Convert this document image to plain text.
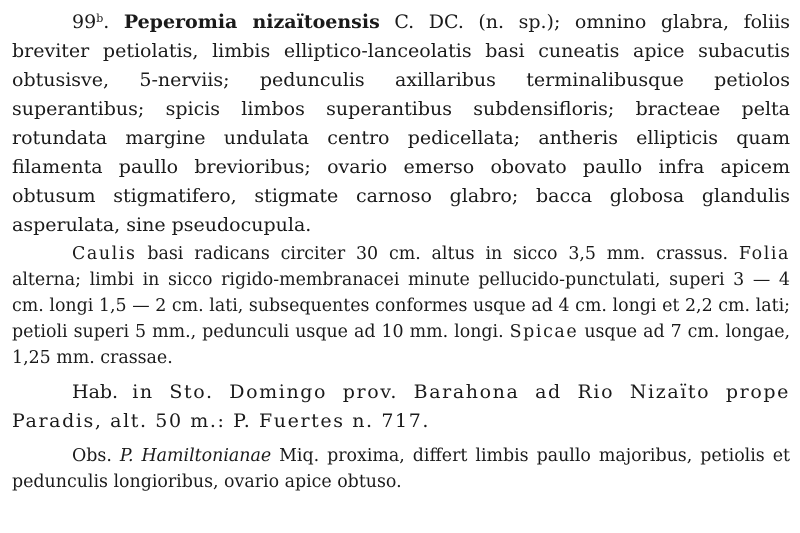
99$^b$. Peperomia nizaïtoensis C. DC. (n. sp.); omnino glabra, foliis breviter petiolatis, limbis elliptico-lanceolatis basi cuneatis apice subacutis obtusisve, 5-nerviis; pedunculis axillaribus terminalibusque petiolos superantibus; spicis limbos superantibus subdensifloris; bracteae pelta rotundata margine undulata centro pedicellata; antheris ellipticis quam filamenta paullo brevioribus; ovario emerso obovato paullo infra apicem obtusum stigmatifero, stigmate carnoso glabro; bacca globosa glandulis asperulata, sine pseudocupula.

Caulis basi radicans circiter 30 cm. altus in sicco 3,5 mm. crassus. Folia alterna; limbi in sicco rigido-membranacei minute pellucido-punctulati, superi 3 — 4 cm. longi 1,5 — 2 cm. lati, subsequentes conformes usque ad 4 cm. longi et 2,2 cm. lati; petioli superi 5 mm., pedunculi usque ad 10 mm. longi. Spicae usque ad 7 cm. longae, 1,25 mm. crassae.

Hab. in Sto. Domingo prov. Barahona ad Rio Nizaïto prope Paradis, alt. 50 m.: P. Fuertes n. 717.

Obs. P. Hamiltonianae Miq. proxima, differt limbis paullo majoribus, petiolis et pedunculis longioribus, ovario apice obtuso.
